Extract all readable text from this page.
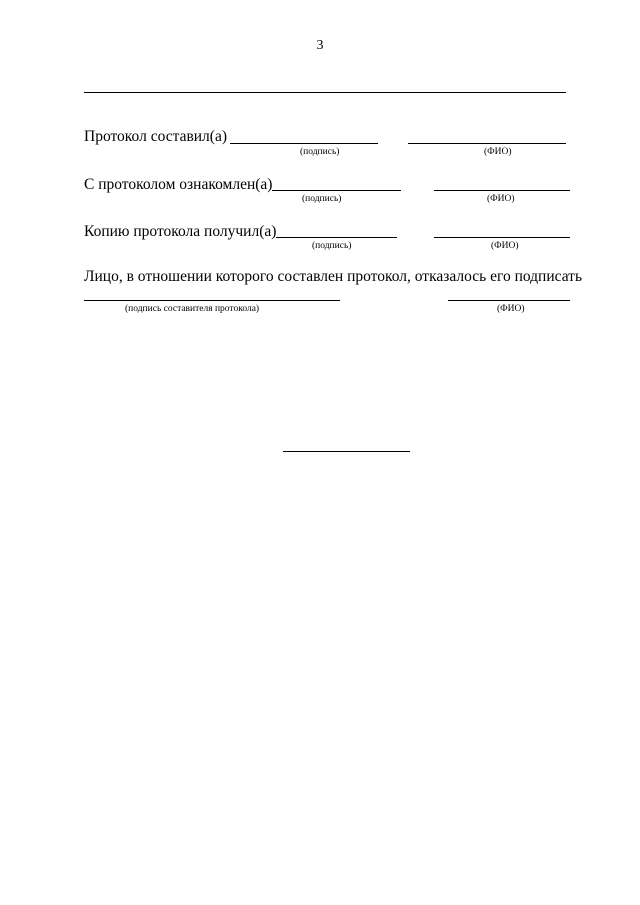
3
Протокол составил(а)
(подпись)	(ФИО)
С протоколом ознакомлен(а)
(подпись)	(ФИО)
Копию протокола получил(а)
(подпись)	(ФИО)
Лицо, в отношении которого составлен протокол, отказалось его подписать
(подпись составителя протокола)	(ФИО)
